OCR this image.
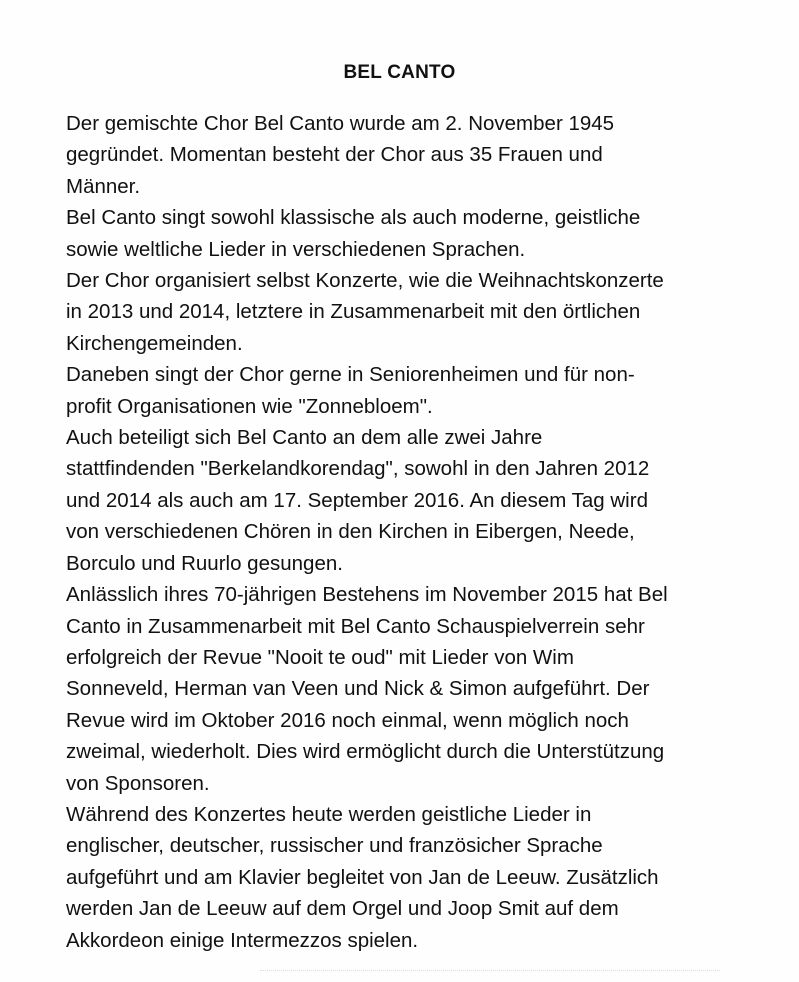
BEL CANTO
Der gemischte Chor Bel Canto wurde am 2. November 1945
gegründet. Momentan besteht der Chor aus 35 Frauen und
Männer.
Bel Canto singt sowohl klassische als auch moderne, geistliche
sowie weltliche Lieder in verschiedenen Sprachen.
Der Chor organisiert selbst Konzerte, wie die Weihnachtskonzerte
in 2013 und 2014, letztere in Zusammenarbeit mit den örtlichen
Kirchengemeinden.
Daneben singt der Chor gerne in Seniorenheimen und für non-
profit Organisationen wie "Zonnebloem".
Auch beteiligt sich Bel Canto an dem alle zwei Jahre
stattfindenden "Berkelandkorendag", sowohl in den Jahren 2012
und 2014 als auch am 17. September 2016. An diesem Tag wird
von verschiedenen Chören in den Kirchen in Eibergen, Neede,
Borculo und Ruurlo gesungen.
Anlässlich ihres 70-jährigen Bestehens im November 2015 hat Bel
Canto in Zusammenarbeit mit Bel Canto Schauspielverrein sehr
erfolgreich der Revue "Nooit te oud" mit Lieder von Wim
Sonneveld, Herman van Veen und Nick & Simon aufgeführt. Der
Revue wird im Oktober 2016 noch einmal, wenn möglich noch
zweimal, wiederholt. Dies wird ermöglicht durch die Unterstützung
von Sponsoren.
Während des Konzertes heute werden geistliche Lieder in
englischer, deutscher, russischer und französicher Sprache
aufgeführt und am Klavier begleitet von Jan de Leeuw. Zusätzlich
werden Jan de Leeuw auf dem Orgel und Joop Smit auf dem
Akkordeon einige Intermezzos spielen.
